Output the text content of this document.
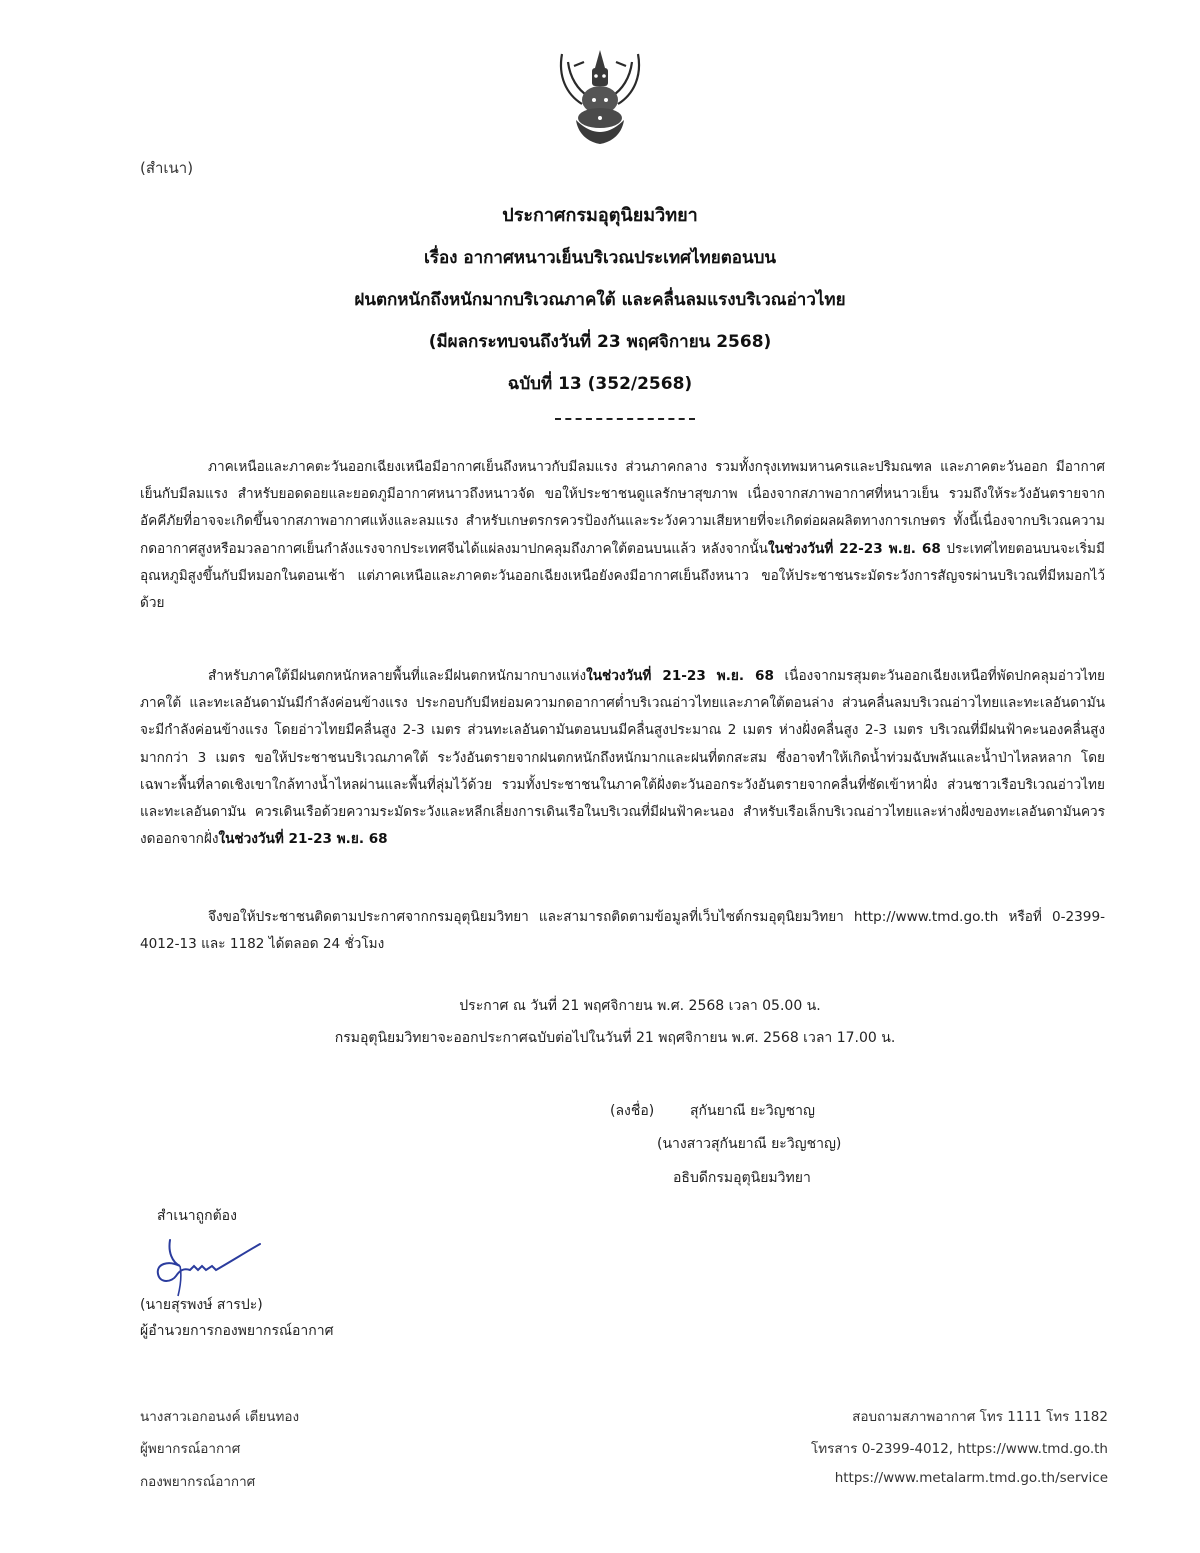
(สำเนา)
ประกาศกรมอุตุนิยมวิทยา
เรื่อง อากาศหนาวเย็นบริเวณประเทศไทยตอนบน
ฝนตกหนักถึงหนักมากบริเวณภาคใต้ และคลื่นลมแรงบริเวณอ่าวไทย
(มีผลกระทบจนถึงวันที่ 23 พฤศจิกายน 2568)
ฉบับที่ 13 (352/2568)

ภาคเหนือและภาคตะวันออกเฉียงเหนือมีอากาศเย็นถึงหนาวกับมีลมแรง ส่วนภาคกลาง รวมทั้งกรุงเทพมหานครและปริมณฑล และภาคตะวันออก มีอากาศเย็นกับมีลมแรง สำหรับยอดดอยและยอดภูมีอากาศหนาวถึงหนาวจัด ขอให้ประชาชนดูแลรักษาสุขภาพ เนื่องจากสภาพอากาศที่หนาวเย็น รวมถึงให้ระวังอันตรายจากอัคคีภัยที่อาจจะเกิดขึ้นจากสภาพอากาศแห้งและลมแรง สำหรับเกษตรกรควรป้องกันและระวังความเสียหายที่จะเกิดต่อผลผลิตทางการเกษตร ทั้งนี้เนื่องจากบริเวณความกดอากาศสูงหรือมวลอากาศเย็นกำลังแรงจากประเทศจีนได้แผ่ลงมาปกคลุมถึงภาคใต้ตอนบนแล้ว หลังจากนั้นในช่วงวันที่ 22-23 พ.ย. 68 ประเทศไทยตอนบนจะเริ่มมีอุณหภูมิสูงขึ้นกับมีหมอกในตอนเช้า แต่ภาคเหนือและภาคตะวันออกเฉียงเหนือยังคงมีอากาศเย็นถึงหนาว ขอให้ประชาชนระมัดระวังการสัญจรผ่านบริเวณที่มีหมอกไว้ด้วย

สำหรับภาคใต้มีฝนตกหนักหลายพื้นที่และมีฝนตกหนักมากบางแห่งในช่วงวันที่ 21-23 พ.ย. 68 เนื่องจากมรสุมตะวันออกเฉียงเหนือที่พัดปกคลุมอ่าวไทย ภาคใต้ และทะเลอันดามันมีกำลังค่อนข้างแรง ประกอบกับมีหย่อมความกดอากาศต่ำบริเวณอ่าวไทยและภาคใต้ตอนล่าง ส่วนคลื่นลมบริเวณอ่าวไทยและทะเลอันดามันจะมีกำลังค่อนข้างแรง โดยอ่าวไทยมีคลื่นสูง 2-3 เมตร ส่วนทะเลอันดามันตอนบนมีคลื่นสูงประมาณ 2 เมตร ห่างฝั่งคลื่นสูง 2-3 เมตร บริเวณที่มีฝนฟ้าคะนองคลื่นสูงมากกว่า 3 เมตร ขอให้ประชาชนบริเวณภาคใต้ ระวังอันตรายจากฝนตกหนักถึงหนักมากและฝนที่ตกสะสม ซึ่งอาจทำให้เกิดน้ำท่วมฉับพลันและน้ำป่าไหลหลาก โดยเฉพาะพื้นที่ลาดเชิงเขาใกล้ทางน้ำไหลผ่านและพื้นที่ลุ่มไว้ด้วย รวมทั้งประชาชนในภาคใต้ฝั่งตะวันออกระวังอันตรายจากคลื่นที่ซัดเข้าหาฝั่ง ส่วนชาวเรือบริเวณอ่าวไทยและทะเลอันดามัน ควรเดินเรือด้วยความระมัดระวังและหลีกเลี่ยงการเดินเรือในบริเวณที่มีฝนฟ้าคะนอง สำหรับเรือเล็กบริเวณอ่าวไทยและห่างฝั่งของทะเลอันดามันควรงดออกจากฝั่งในช่วงวันที่ 21-23 พ.ย. 68

จึงขอให้ประชาชนติดตามประกาศจากกรมอุตุนิยมวิทยา และสามารถติดตามข้อมูลที่เว็บไซต์กรมอุตุนิยมวิทยา http://www.tmd.go.th หรือที่ 0-2399-4012-13 และ 1182 ได้ตลอด 24 ชั่วโมง

ประกาศ ณ วันที่ 21 พฤศจิกายน พ.ศ. 2568 เวลา 05.00 น.
กรมอุตุนิยมวิทยาจะออกประกาศฉบับต่อไปในวันที่ 21 พฤศจิกายน พ.ศ. 2568 เวลา 17.00 น.
(ลงชื่อ)	สุกันยาณี ยะวิญชาญ
(นางสาวสุกันยาณี ยะวิญชาญ)
อธิบดีกรมอุตุนิยมวิทยา
สำเนาถูกต้อง
(นายสุรพงษ์ สารปะ)
ผู้อำนวยการกองพยากรณ์อากาศ
นางสาวเอกอนงค์ เตียนทอง
ผู้พยากรณ์อากาศ
กองพยากรณ์อากาศ
สอบถามสภาพอากาศ โทร 1111 โทร 1182
โทรสาร 0-2399-4012, https://www.tmd.go.th
https://www.metalarm.tmd.go.th/service
